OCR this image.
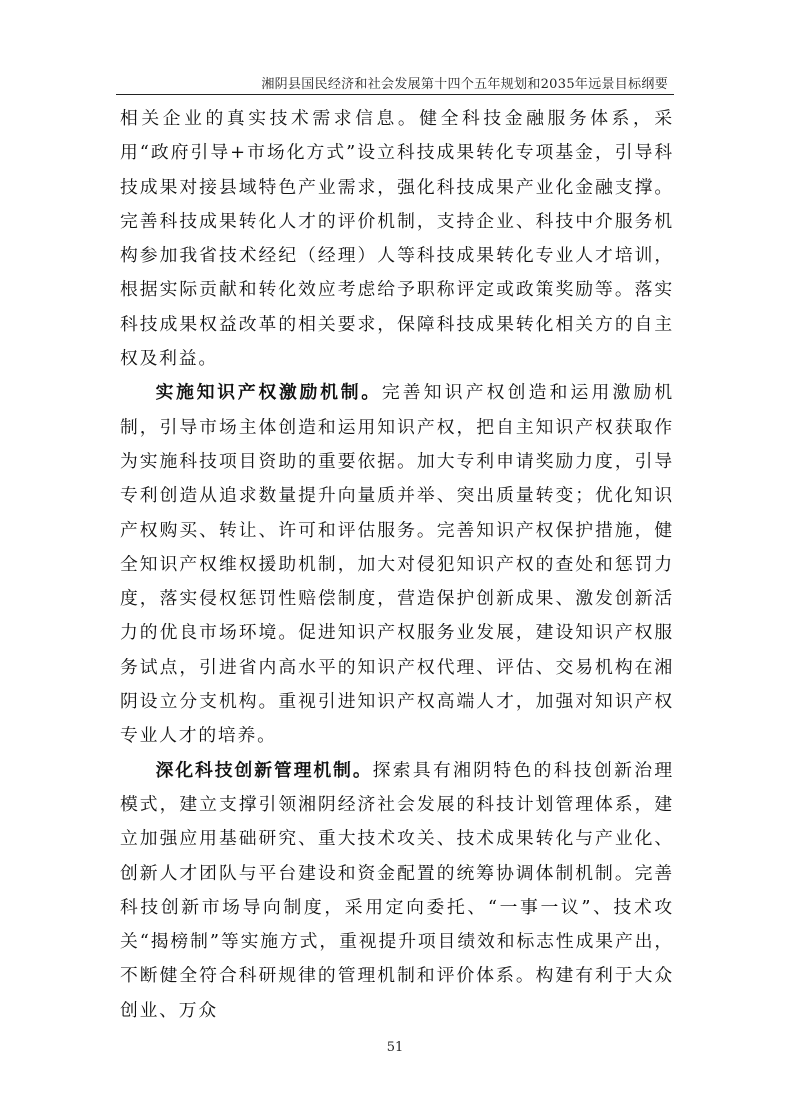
湘阴县国民经济和社会发展第十四个五年规划和2035年远景目标纲要

相关企业的真实技术需求信息。健全科技金融服务体系，采用“政府引导+市场化方式”设立科技成果转化专项基金，引导科技成果对接县域特色产业需求，强化科技成果产业化金融支撑。完善科技成果转化人才的评价机制，支持企业、科技中介服务机构参加我省技术经纪（经理）人等科技成果转化专业人才培训，根据实际贡献和转化效应考虑给予职称评定或政策奖励等。落实科技成果权益改革的相关要求，保障科技成果转化相关方的自主权及利益。

实施知识产权激励机制。完善知识产权创造和运用激励机制，引导市场主体创造和运用知识产权，把自主知识产权获取作为实施科技项目资助的重要依据。加大专利申请奖励力度，引导专利创造从追求数量提升向量质并举、突出质量转变；优化知识产权购买、转让、许可和评估服务。完善知识产权保护措施，健全知识产权维权援助机制，加大对侵犯知识产权的查处和惩罚力度，落实侵权惩罚性赔偿制度，营造保护创新成果、激发创新活力的优良市场环境。促进知识产权服务业发展，建设知识产权服务试点，引进省内高水平的知识产权代理、评估、交易机构在湘阴设立分支机构。重视引进知识产权高端人才，加强对知识产权专业人才的培养。

深化科技创新管理机制。探索具有湘阴特色的科技创新治理模式，建立支撑引领湘阴经济社会发展的科技计划管理体系，建立加强应用基础研究、重大技术攻关、技术成果转化与产业化、创新人才团队与平台建设和资金配置的统筹协调体制机制。完善科技创新市场导向制度，采用定向委托、“一事一议”、技术攻关“揭榜制”等实施方式，重视提升项目绩效和标志性成果产出，不断健全符合科研规律的管理机制和评价体系。构建有利于大众创业、万众

51
